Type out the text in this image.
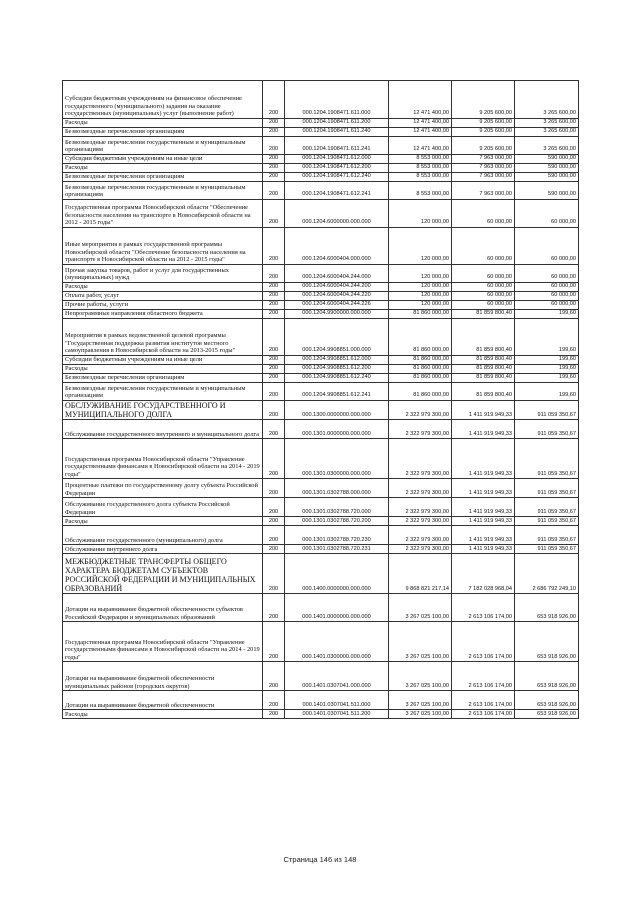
Субсидии бюджетным учреждениям на финансовое обеспечение государственного (муниципального) задания на оказание государственных (муниципальных) услуг (выполнение работ)	200	000.1204.1908471.611.000	12 471 400,00	9 205 600,00	3 265 600,00
Расходы	200	000.1204.1908471.611.200	12 471 400,00	9 205 600,00	3 265 600,00
Безвозмездные перечисления организациям	200	000.1204.1908471.611.240	12 471 400,00	9 205 600,00	3 265 600,00
Безвозмездные перечисления государственным и муниципальным организациям	200	000.1204.1908471.611.241	12 471 400,00	9 205 600,00	3 265 600,00
Субсидии бюджетным учреждениям на иные цели	200	000.1204.1908471.612.000	8 553 000,00	7 963 000,00	590 000,00
Расходы	200	000.1204.1908471.612.200	8 553 000,00	7 963 000,00	590 000,00
Безвозмездные перечисления организациям	200	000.1204.1908471.612.240	8 553 000,00	7 963 000,00	590 000,00
Безвозмездные перечисления государственным и муниципальным организациям	200	000.1204.1908471.612.241	8 553 000,00	7 963 000,00	590 000,00
Государственная программа Новосибирской области "Обеспечение безопасности населения на транспорте в Новосибирской области на 2012 - 2015 годы"	200	000.1204.6000000.000.000	120 000,00	60 000,00	60 000,00
Иные мероприятия в рамках государственной программы Новосибирской области "Обеспечение безопасности населения на транспорте в Новосибирской области на 2012 - 2015 годы"	200	000.1204.6000404.000.000	120 000,00	60 000,00	60 000,00
Прочая закупка товаров, работ и услуг для государственных (муниципальных) нужд	200	000.1204.6000404.244.000	120 000,00	60 000,00	60 000,00
Расходы	200	000.1204.6000404.244.200	120 000,00	60 000,00	60 000,00
Оплата работ, услуг	200	000.1204.6000404.244.220	120 000,00	60 000,00	60 000,00
Прочие работы, услуги	200	000.1204.6000404.244.226	120 000,00	60 000,00	60 000,00
Непрограммные направления областного бюджета	200	000.1204.9900000.000.000	81 860 000,00	81 859 800,40	199,60
Мероприятия в рамках ведомственной целевой программы "Государственная поддержка развития институтов местного самоуправления в Новосибирской области на 2013-2015 годы"	200	000.1204.9908851.000.000	81 860 000,00	81 859 800,40	199,60
Субсидии бюджетным учреждениям на иные цели	200	000.1204.9908851.612.000	81 860 000,00	81 859 800,40	199,60
Расходы	200	000.1204.9908851.612.200	81 860 000,00	81 859 800,40	199,60
Безвозмездные перечисления организациям	200	000.1204.9908851.612.240	81 860 000,00	81 859 800,40	199,60
Безвозмездные перечисления государственным и муниципальным организациям	200	000.1204.9908851.612.241	81 860 000,00	81 859 800,40	199,60
ОБСЛУЖИВАНИЕ ГОСУДАРСТВЕННОГО И МУНИЦИПАЛЬНОГО ДОЛГА	200	000.1300.0000000.000.000	2 322 979 300,00	1 411 919 949,33	911 059 350,67
Обслуживание государственного внутреннего и муниципального долга	200	000.1301.0000000.000.000	2 322 979 300,00	1 411 919 949,33	911 059 350,67
Государственная программа Новосибирской области "Управление государственными финансами в Новосибирской области на 2014 - 2019 годы"	200	000.1301.0300000.000.000	2 322 979 300,00	1 411 919 949,33	911 059 350,67
Процентные платежи по государственному долгу субъекта Российской Федерации	200	000.1301.0302788.000.000	2 322 979 300,00	1 411 919 949,33	911 059 350,67
Обслуживание государственного долга субъекта Российской Федерации	200	000.1301.0302788.720.000	2 322 979 300,00	1 411 919 949,33	911 059 350,67
Расходы	200	000.1301.0302788.720.200	2 322 979 300,00	1 411 919 949,33	911 059 350,67
Обслуживание государственного (муниципального) долга	200	000.1301.0302788.720.230	2 322 979 300,00	1 411 919 949,33	911 059 350,67
Обслуживание внутреннего долга	200	000.1301.0302788.720.231	2 322 979 300,00	1 411 919 949,33	911 059 350,67
МЕЖБЮДЖЕТНЫЕ ТРАНСФЕРТЫ ОБЩЕГО ХАРАКТЕРА БЮДЖЕТАМ СУБЪЕКТОВ РОССИЙСКОЙ ФЕДЕРАЦИИ И МУНИЦИПАЛЬНЫХ ОБРАЗОВАНИЙ	200	000.1400.0000000.000.000	9 868 821 217,14	7 182 028 968,04	2 686 792 249,10
Дотации на выравнивание бюджетной обеспеченности субъектов Российской Федерации и муниципальных образований	200	000.1401.0000000.000.000	3 267 025 100,00	2 613 106 174,00	653 918 926,00
Государственная программа Новосибирской области "Управление государственными финансами в Новосибирской области на 2014 - 2019 годы"	200	000.1401.0300000.000.000	3 267 025 100,00	2 613 106 174,00	653 918 926,00
Дотации на выравнивание бюджетной обеспеченности муниципальных районов (городских округов)	200	000.1401.0307041.000.000	3 267 025 100,00	2 613 106 174,00	653 918 926,00
Дотации на выравнивание бюджетной обеспеченности	200	000.1401.0307041.511.000	3 267 025 100,00	2 613 106 174,00	653 918 926,00
Расходы	200	000.1401.0307041.511.200	3 267 025 100,00	2 613 106 174,00	653 918 926,00
Страница 146 из 148
